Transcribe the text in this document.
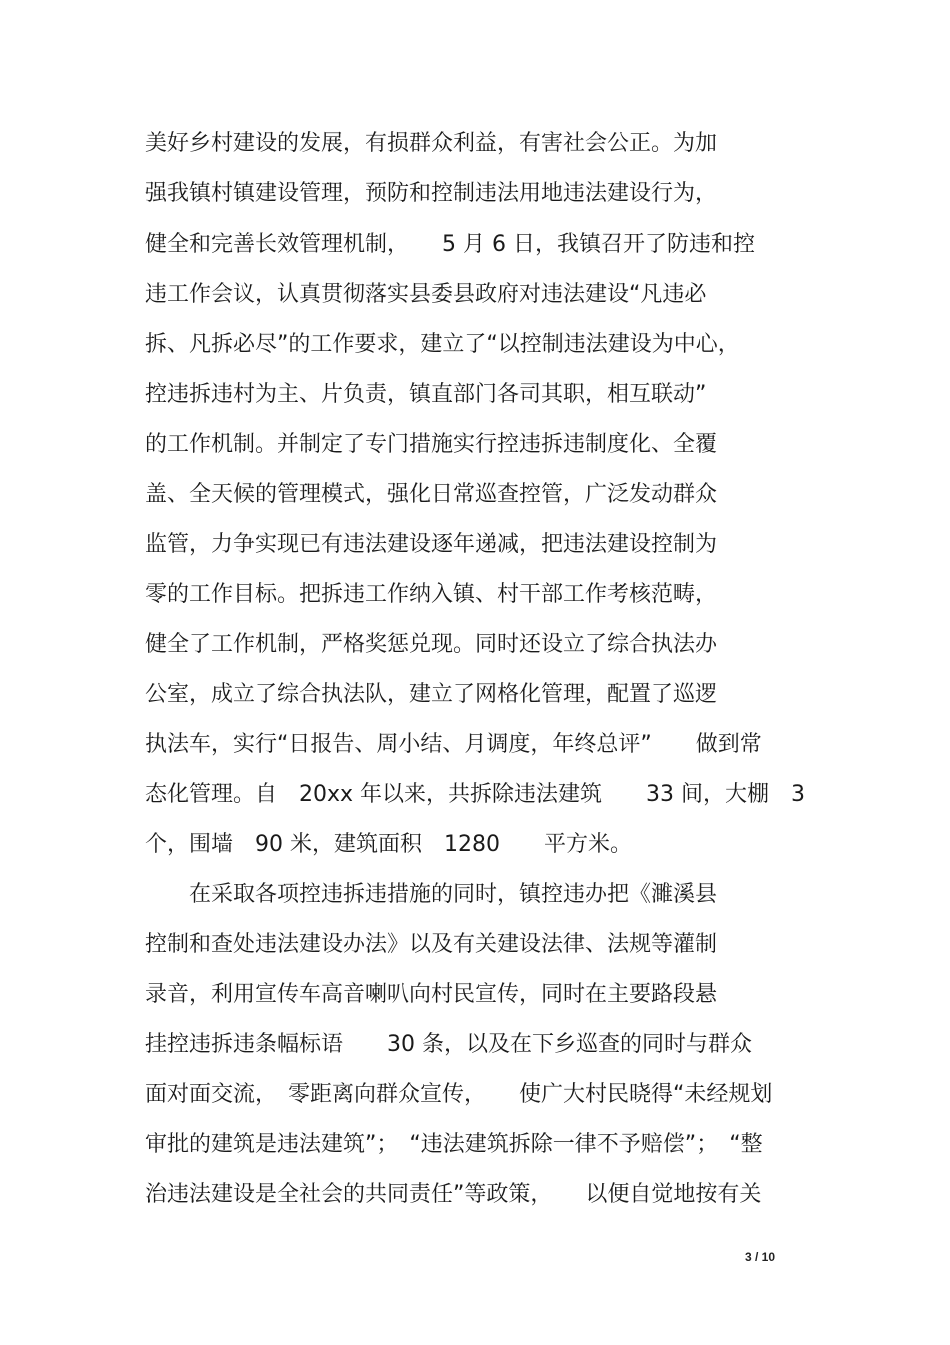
美好乡村建设的发展，有损群众利益，有害社会公正。为加
强我镇村镇建设管理，预防和控制违法用地违法建设行为，
健全和完善长效管理机制，　　5 月 6 日，我镇召开了防违和控
违工作会议，认真贯彻落实县委县政府对违法建设“凡违必
拆、凡拆必尽”的工作要求，建立了“以控制违法建设为中心，
控违拆违村为主、片负责，镇直部门各司其职，相互联动”
的工作机制。并制定了专门措施实行控违拆违制度化、全覆
盖、全天候的管理模式，强化日常巡查控管，广泛发动群众
监管，力争实现已有违法建设逐年递减，把违法建设控制为
零的工作目标。把拆违工作纳入镇、村干部工作考核范畴，
健全了工作机制，严格奖惩兑现。同时还设立了综合执法办
公室，成立了综合执法队，建立了网格化管理，配置了巡逻
执法车，实行“日报告、周小结、月调度，年终总评”　　做到常
态化管理。自　20xx 年以来，共拆除违法建筑　　33 间，大棚　3
个，围墙　90 米，建筑面积　1280　　平方米。
　　在采取各项控违拆违措施的同时，镇控违办把《濉溪县
控制和查处违法建设办法》以及有关建设法律、法规等灌制
录音，利用宣传车高音喇叭向村民宣传，同时在主要路段悬
挂控违拆违条幅标语　　30 条，以及在下乡巡查的同时与群众
面对面交流，　零距离向群众宣传，　　使广大村民晓得“未经规划
审批的建筑是违法建筑”；　“违法建筑拆除一律不予赔偿”；　“整
治违法建设是全社会的共同责任”等政策，　　以便自觉地按有关
3 / 10
